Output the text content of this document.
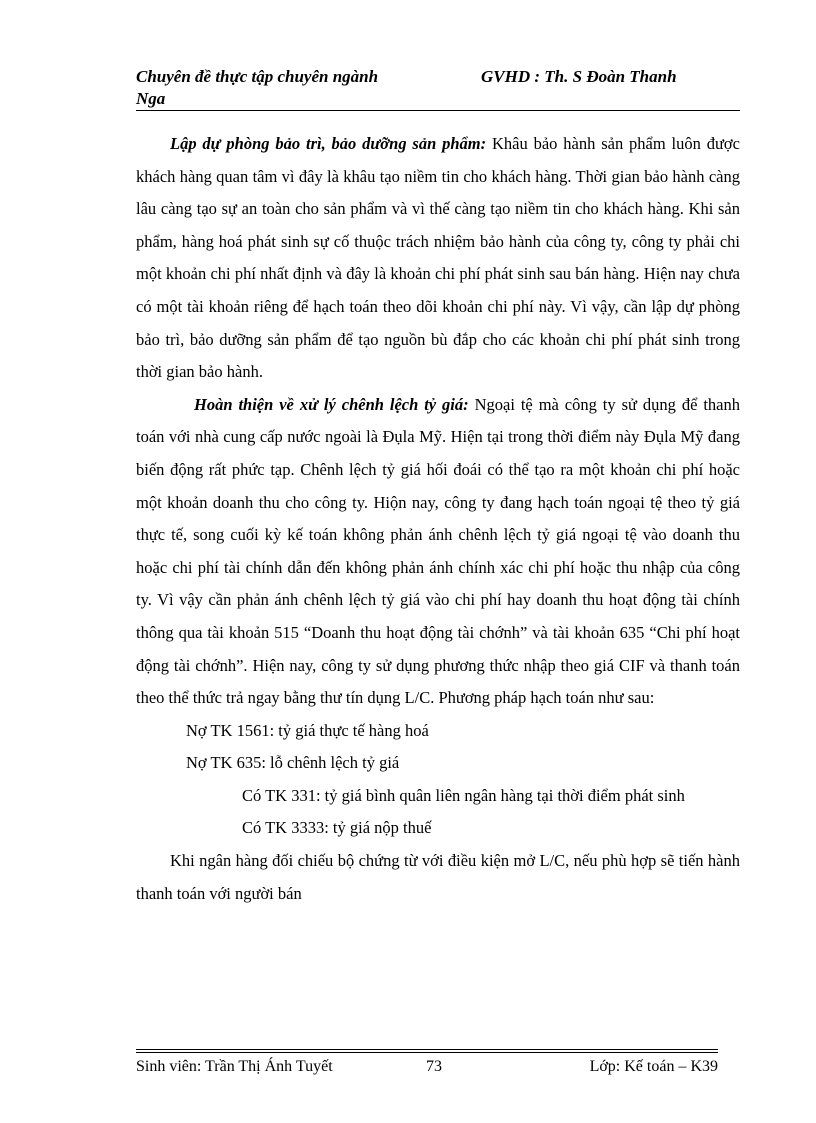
Chuyên đề thực tập chuyên ngành	GVHD : Th. S Đoàn Thanh
Nga

Lập dự phòng bảo trì, bảo dưỡng sản phẩm: Khâu bảo hành sản phẩm luôn được khách hàng quan tâm vì đây là khâu tạo niềm tin cho khách hàng. Thời gian bảo hành càng lâu càng tạo sự an toàn cho sản phẩm và vì thế càng tạo niềm tin cho khách hàng. Khi sản phẩm, hàng hoá phát sinh sự cố thuộc trách nhiệm bảo hành của công ty, công ty phải chi một khoản chi phí nhất định và đây là khoản chi phí phát sinh sau bán hàng. Hiện nay chưa có một tài khoản riêng để hạch toán theo dõi khoản chi phí này. Vì vậy, cần lập dự phòng bảo trì, bảo dưỡng sản phẩm để tạo nguồn bù đắp cho các khoản chi phí phát sinh trong thời gian bảo hành.

Hoàn thiện về xử lý chênh lệch tỷ giá: Ngoại tệ mà công ty sử dụng để thanh toán với nhà cung cấp nước ngoài là Đụla Mỹ. Hiện tại trong thời điểm này Đụla Mỹ đang biến động rất phức tạp. Chênh lệch tỷ giá hối đoái có thể tạo ra một khoản chi phí hoặc một khoản doanh thu cho công ty. Hiộn nay, công ty đang hạch toán ngoại tệ theo tỷ giá thực tế, song cuối kỳ kế toán không phản ánh chênh lệch tỷ giá ngoại tệ vào doanh thu hoặc chi phí tài chính dẫn đến không phản ánh chính xác chi phí hoặc thu nhập của công ty. Vì vậy cần phản ánh chênh lệch tỷ giá vào chi phí hay doanh thu hoạt động tài chính thông qua tài khoản 515 “Doanh thu hoạt động tài chớnh” và tài khoản 635 “Chi phí hoạt động tài chớnh”. Hiện nay, công ty sử dụng phương thức nhập theo giá CIF và thanh toán theo thể thức trả ngay bằng thư tín dụng L/C. Phương pháp hạch toán như sau:

Nợ TK 1561: tỷ giá thực tế hàng hoá

Nợ TK 635: lỗ chênh lệch tỷ giá

Có TK 331: tỷ giá bình quân liên ngân hàng tại thời điểm phát sinh

Có TK 3333: tỷ giá nộp thuế

Khi ngân hàng đối chiếu bộ chứng từ với điều kiện mở L/C, nếu phù hợp sẽ tiến hành thanh toán với người bán

Sinh viên: Trần Thị Ánh Tuyết	73	Lớp: Kế toán – K39
